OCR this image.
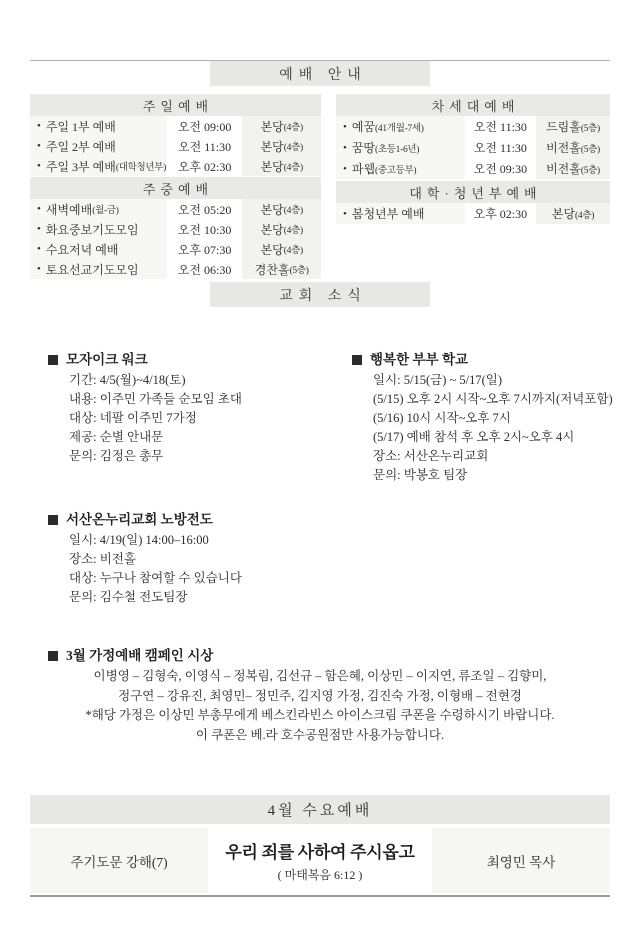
예배 안내
주일예배
• 주일 1부 예배	오전 09:00	본당 (4층)
• 주일 2부 예배	오전 11:30	본당 (4층)
• 주일 3부 예배 (대학청년부) 오후 02:30	본당 (4층)
주중예배
• 새벽예배 (월-금)	오전 05:20	본당 (4층)
• 화요중보기도모임	오전 10:30	본당 (4층)
• 수요저녁 예배	오후 07:30	본당 (4층)
• 토요선교기도모임	오전 06:30	경찬홀 (5층)
차세대예배
• 예꿈 (41개월-7세)	오전 11:30	드림홀 (5층)
• 꿈땅 (초등1-6년)	오전 11:30	비전홀 (5층)
• 파웹 (중고등부)	오전 09:30	비전홀 (5층)
대학·청년부예배
• 봄청년부 예배	오후 02:30	본당 (4층)
교회 소식
모자이크 워크
기간: 4/5(월)~4/18(토)
내용: 이주민 가족들 순모임 초대
대상: 네팔 이주민 7가정
제공: 순별 안내문
문의: 김정은 총무
행복한 부부 학교
일시: 5/15(금) ~ 5/17(일)
(5/15) 오후 2시 시작~오후 7시까지(저녁포함)
(5/16) 10시 시작~오후 7시
(5/17) 예배 참석 후 오후 2시~오후 4시
장소: 서산온누리교회
문의: 박봉호 팀장
서산온누리교회 노방전도
일시: 4/19(일) 14:00–16:00
장소: 비전홀
대상: 누구나 참여할 수 있습니다
문의: 김수철 전도팀장
3월 가정예배 캠페인 시상
이병영 – 김형숙, 이영식 – 정복림, 김선규 – 함은혜, 이상민 – 이지연, 류조일 – 김향미,
정구연 – 강유진, 최영민– 정민주, 김지영 가정, 김진숙 가정, 이형배 – 전현경
*해당 가정은 이상민 부총무에게 베스킨라빈스 아이스크림 쿠폰을 수령하시기 바랍니다.
이 쿠폰은 베.라 호수공원점만 사용가능합니다.
4월 수요예배
주기도문 강해(7)	우리 죄를 사하여 주시옵고
( 마태복음 6:12 )
최영민 목사
